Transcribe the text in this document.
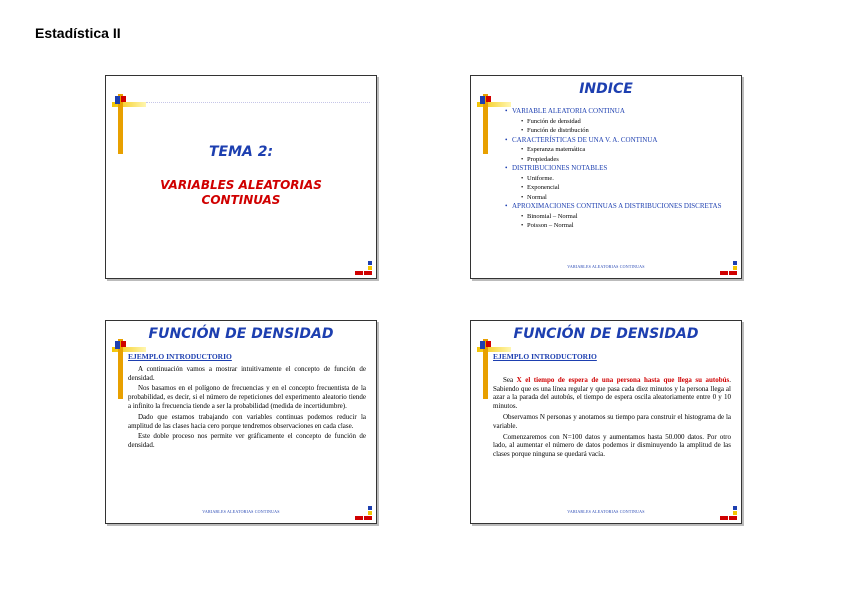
Estadística II
TEMA 2:
VARIABLES ALEATORIAS
CONTINUAS
INDICE
• VARIABLE ALEATORIA CONTINUA
• Función de densidad
• Función de distribución
• CARACTERÍSTICAS DE UNA V. A. CONTINUA
• Esperanza matemática
• Propiedades
• DISTRIBUCIONES NOTABLES
• Uniforme.
• Exponencial
• Normal
• APROXIMACIONES CONTINUAS A DISTRIBUCIONES DISCRETAS
• Binomial – Normal
• Poisson – Normal
VARIABLES ALEATORIAS CONTINUAS
FUNCIÓN DE DENSIDAD
EJEMPLO INTRODUCTORIO

A continuación vamos a mostrar intuitivamente el concepto de función de densidad.

Nos basamos en el polígono de frecuencias y en el concepto frecuentista de la probabilidad, es decir, si el número de repeticiones del experimento aleatorio tiende a infinito la frecuencia tiende a ser la probabilidad (medida de incertidumbre).

Dado que estamos trabajando con variables continuas podemos reducir la amplitud de las clases hacia cero porque tendremos observaciones en cada clase.

Este doble proceso nos permite ver gráficamente el concepto de función de densidad.

VARIABLES ALEATORIAS CONTINUAS
FUNCIÓN DE DENSIDAD
EJEMPLO INTRODUCTORIO

Sea X el tiempo de espera de una persona hasta que llega su autobús. Sabiendo que es una línea regular y que pasa cada diez minutos y la persona llega al azar a la parada del autobús, el tiempo de espera oscila aleatoriamente entre 0 y 10 minutos.

Observamos N personas y anotamos su tiempo para construir el histograma de la variable.

Comenzaremos con N=100 datos y aumentamos hasta 50.000 datos. Por otro lado, al aumentar el número de datos podemos ir disminuyendo la amplitud de las clases porque ninguna se quedará vacía.

VARIABLES ALEATORIAS CONTINUAS
